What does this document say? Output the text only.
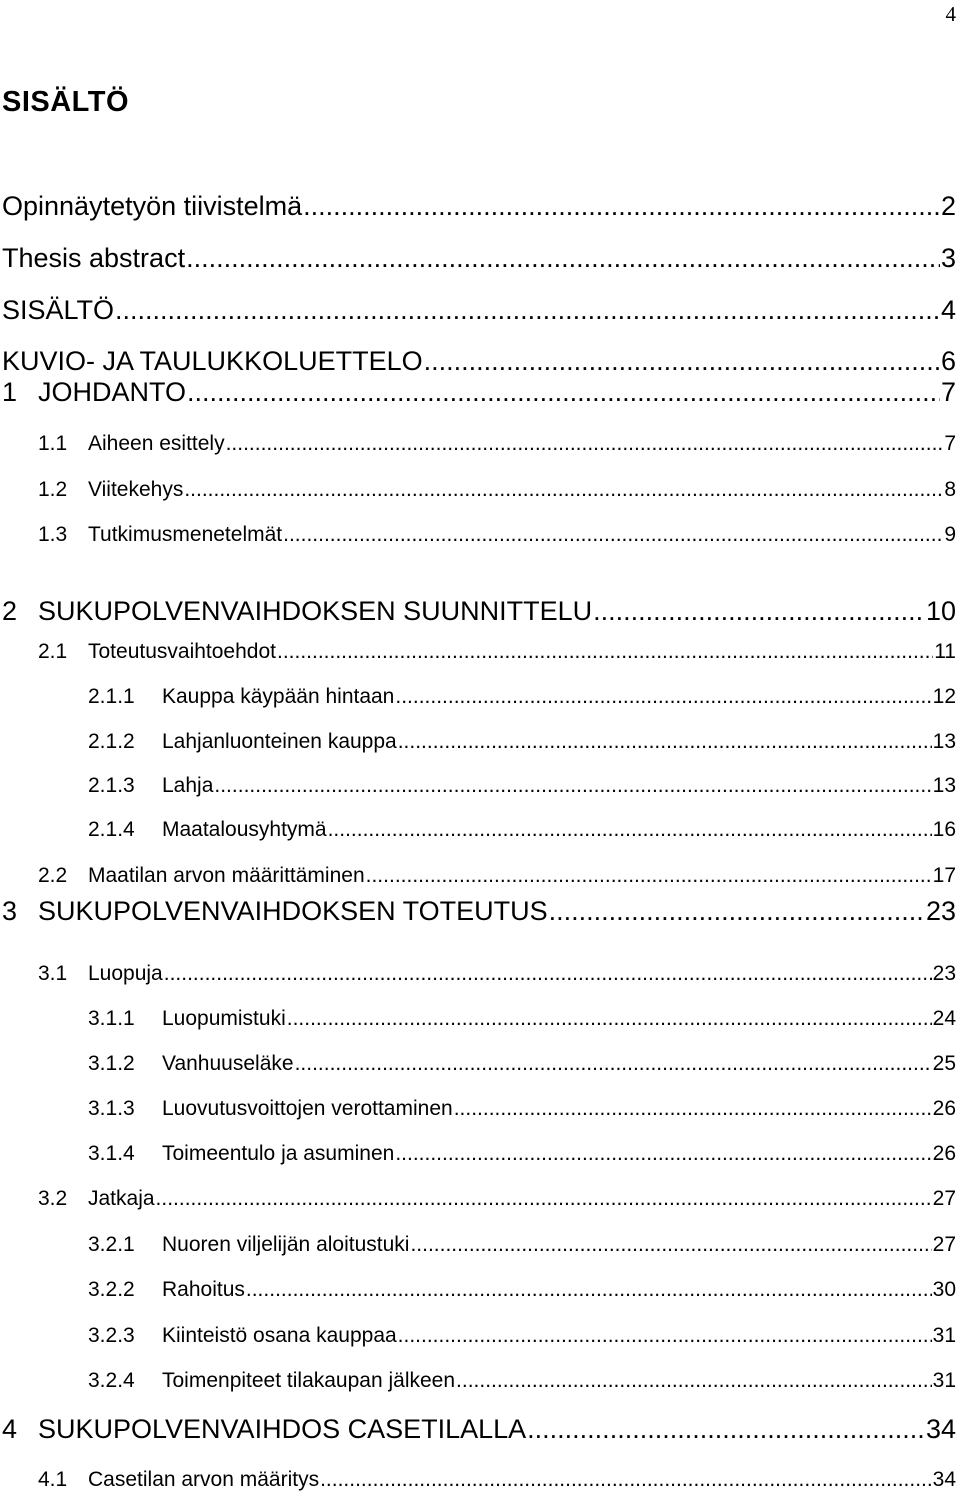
4
SISÄLTÖ
Opinnäytetyön tiivistelmä .....	2
Thesis abstract .....	3
SISÄLTÖ .....	4
KUVIO- JA TAULUKKOLUETTELO .....	6
1 JOHDANTO .....	7
1.1 Aiheen esittely .....	7
1.2 Viitekehys .....	8
1.3 Tutkimusmenetelmät .....	9
2 SUKUPOLVENVAIHDOKSEN SUUNNITTELU .....	10
2.1 Toteutusvaihtoehdot .....	11
2.1.1	Kauppa käypään hintaan .....	12
2.1.2	Lahjanluonteinen kauppa .....	13
2.1.3	Lahja .....	13
2.1.4	Maatalousyhtymä .....	16
2.2 Maatilan arvon määrittäminen .....	17
3 SUKUPOLVENVAIHDOKSEN TOTEUTUS .....	23
3.1 Luopuja .....	23
3.1.1	Luopumistuki .....	24
3.1.2	Vanhuuseläke .....	25
3.1.3	Luovutusvoittojen verottaminen .....	26
3.1.4	Toimeentulo ja asuminen .....	26
3.2 Jatkaja .....	27
3.2.1	Nuoren viljelijän aloitustuki .....	27
3.2.2	Rahoitus .....	30
3.2.3	Kiinteistö osana kauppaa .....	31
3.2.4	Toimenpiteet tilakaupan jälkeen .....	31
4 SUKUPOLVENVAIHDOS CASETILALLA .....	34
4.1 Casetilan arvon määritys .....	34
